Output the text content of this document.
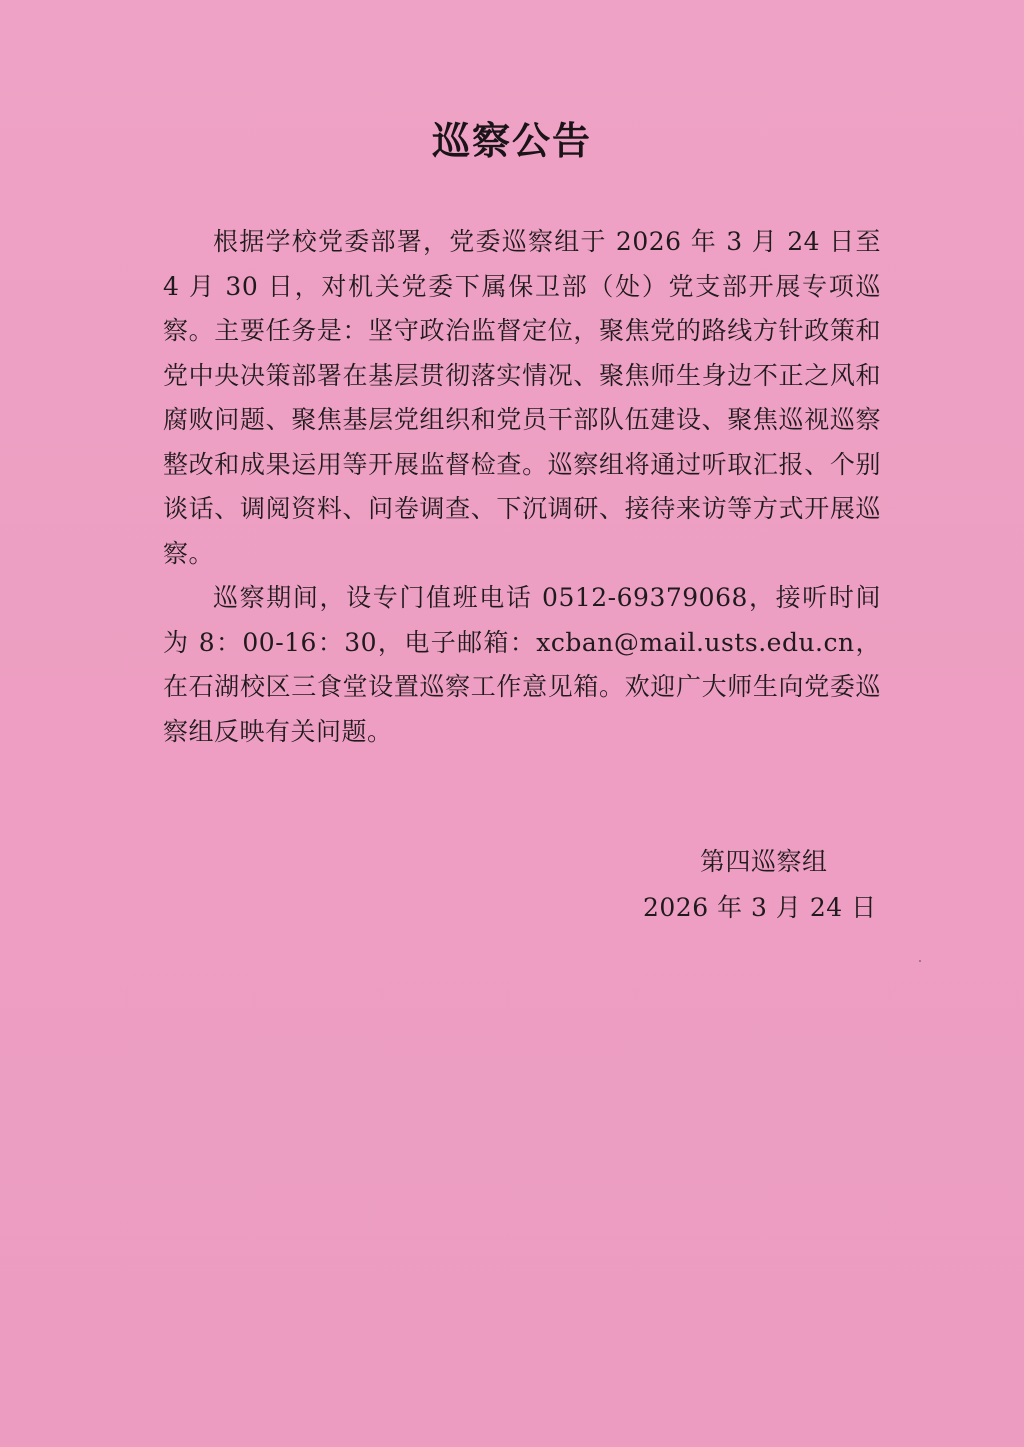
巡察公告

根据学校党委部署，党委巡察组于 2026 年 3 月 24 日至 4 月 30 日，对机关党委下属保卫部（处）党支部开展专项巡察。主要任务是：坚守政治监督定位，聚焦党的路线方针政策和党中央决策部署在基层贯彻落实情况、聚焦师生身边不正之风和腐败问题、聚焦基层党组织和党员干部队伍建设、聚焦巡视巡察整改和成果运用等开展监督检查。巡察组将通过听取汇报、个别谈话、调阅资料、问卷调查、下沉调研、接待来访等方式开展巡察。

巡察期间，设专门值班电话 0512-69379068，接听时间为 8：00-16：30，电子邮箱：xcban@mail.usts.edu.cn，在石湖校区三食堂设置巡察工作意见箱。欢迎广大师生向党委巡察组反映有关问题。

第四巡察组
2026 年 3 月 24 日
